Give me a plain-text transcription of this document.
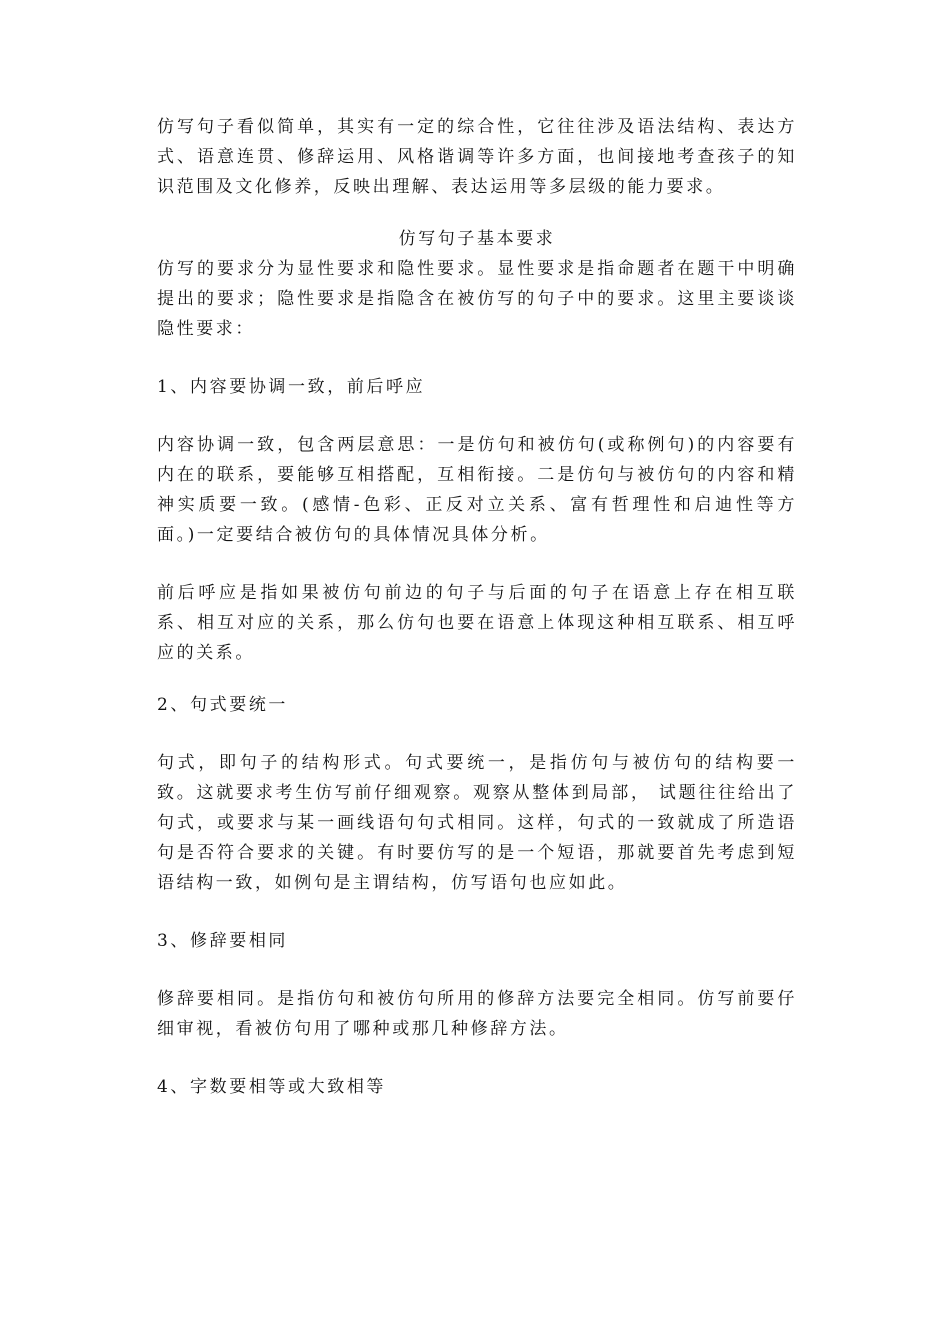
仿写句子看似简单，其实有一定的综合性，它往往涉及语法结构、表达方式、语意连贯、修辞运用、风格谐调等许多方面，也间接地考查孩子的知识范围及文化修养，反映出理解、表达运用等多层级的能力要求。

仿写句子基本要求

仿写的要求分为显性要求和隐性要求。显性要求是指命题者在题干中明确提出的要求；隐性要求是指隐含在被仿写的句子中的要求。这里主要谈谈隐性要求：

1、内容要协调一致，前后呼应

内容协调一致，包含两层意思：一是仿句和被仿句(或称例句)的内容要有内在的联系，要能够互相搭配，互相衔接。二是仿句与被仿句的内容和精神实质要一致。(感情-色彩、正反对立关系、富有哲理性和启迪性等方面。)一定要结合被仿句的具体情况具体分析。

前后呼应是指如果被仿句前边的句子与后面的句子在语意上存在相互联系、相互对应的关系，那么仿句也要在语意上体现这种相互联系、相互呼应的关系。

2、句式要统一

句式，即句子的结构形式。句式要统一，是指仿句与被仿句的结构要一致。这就要求考生仿写前仔细观察。观察从整体到局部， 试题往往给出了句式，或要求与某一画线语句句式相同。这样，句式的一致就成了所造语句是否符合要求的关键。有时要仿写的是一个短语，那就要首先考虑到短语结构一致，如例句是主谓结构，仿写语句也应如此。

3、修辞要相同

修辞要相同。是指仿句和被仿句所用的修辞方法要完全相同。仿写前要仔细审视，看被仿句用了哪种或那几种修辞方法。

4、字数要相等或大致相等
